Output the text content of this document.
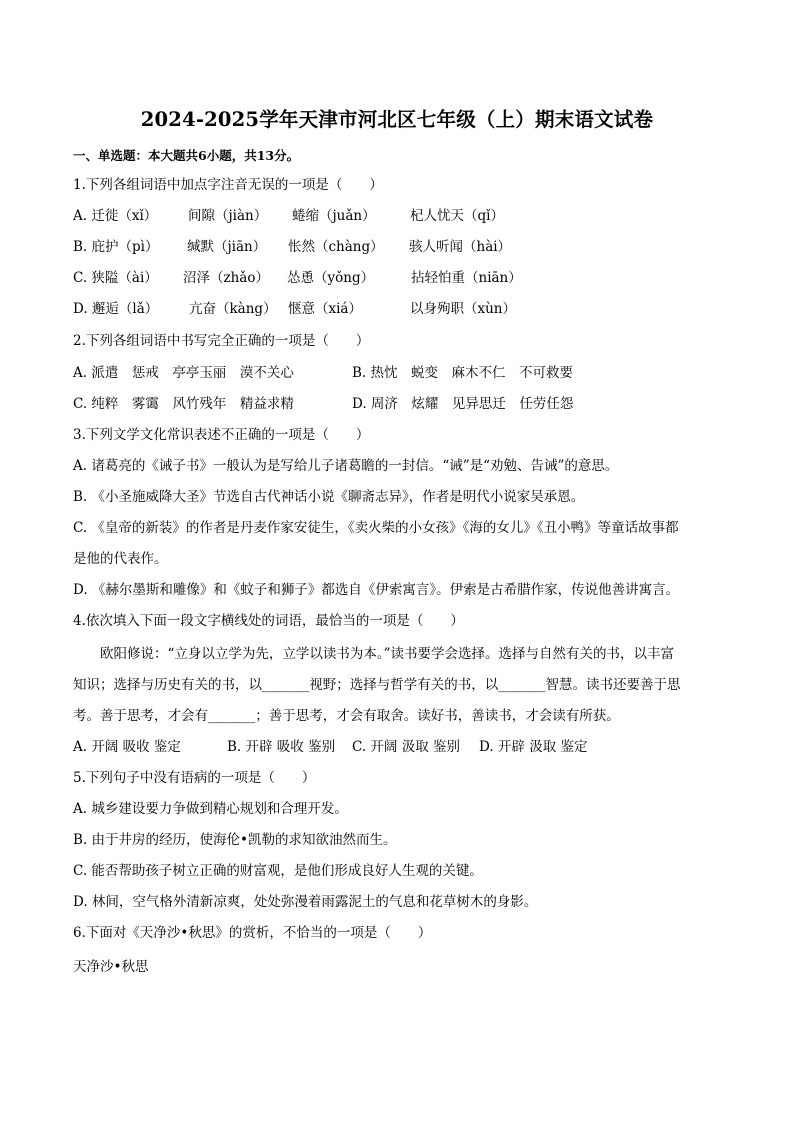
2024-2025学年天津市河北区七年级（上）期末语文试卷
一、单选题：本大题共6小题，共13分。
1.下列各组词语中加点字注音无误的一项是（　　）
A. 迁徙（xǐ） 间隙（jiàn） 蜷缩（juǎn）	杞人忧天（qǐ）
B. 庇护（pì） 缄默（jiān） 怅然（chàng） 骇人听闻（hài）
C. 狭隘（ài） 沼泽（zhǎo） 怂恿（yǒng）	拈轻怕重（niān）
D. 邂逅（lǎ） 亢奋（kàng） 惬意（xiá）	以身殉职（xùn）
2.下列各组词语中书写完全正确的一项是（　　）
A. 派遣　惩戒　亭亭玉丽　漠不关心	B. 热忱　蜕变　麻木不仁　不可救要
C. 纯粹　雾霭　风竹残年　精益求精	D. 周济　炫耀　见异思迁　任劳任怨
3.下列文学文化常识表述不正确的一项是（　　）
A. 诸葛亮的《诫子书》一般认为是写给儿子诸葛瞻的一封信。“诫”是“劝勉、告诫”的意思。
B. 《小圣施威降大圣》节选自古代神话小说《聊斋志异》，作者是明代小说家吴承恩。
C. 《皇帝的新装》的作者是丹麦作家安徒生，《卖火柴的小女孩》《海的女儿》《丑小鸭》等童话故事都
是他的代表作。
D. 《赫尔墨斯和雕像》和《蚊子和狮子》都选自《伊索寓言》。伊索是古希腊作家，传说他善讲寓言。
4.依次填入下面一段文字横线处的词语，最恰当的一项是（　　）
欧阳修说：“立身以立学为先，立学以读书为本。”读书要学会选择。选择与自然有关的书，以丰富
知识；选择与历史有关的书，以_______视野；选择与哲学有关的书，以_______智慧。读书还要善于思
考。善于思考，才会有_______；善于思考，才会有取舍。读好书，善读书，才会读有所获。
A. 开阔 吸收 鉴定	B. 开辟 吸收 鉴别 C. 开阔 汲取 鉴别 D. 开辟 汲取 鉴定
5.下列句子中没有语病的一项是（　　）
A. 城乡建设要力争做到精心规划和合理开发。
B. 由于井房的经历，使海伦•凯勒的求知欲油然而生。
C. 能否帮助孩子树立正确的财富观，是他们形成良好人生观的关键。
D. 林间，空气格外清新凉爽，处处弥漫着雨露泥土的气息和花草树木的身影。
6.下面对《天净沙•秋思》的赏析，不恰当的一项是（　　）
天净沙•秋思
